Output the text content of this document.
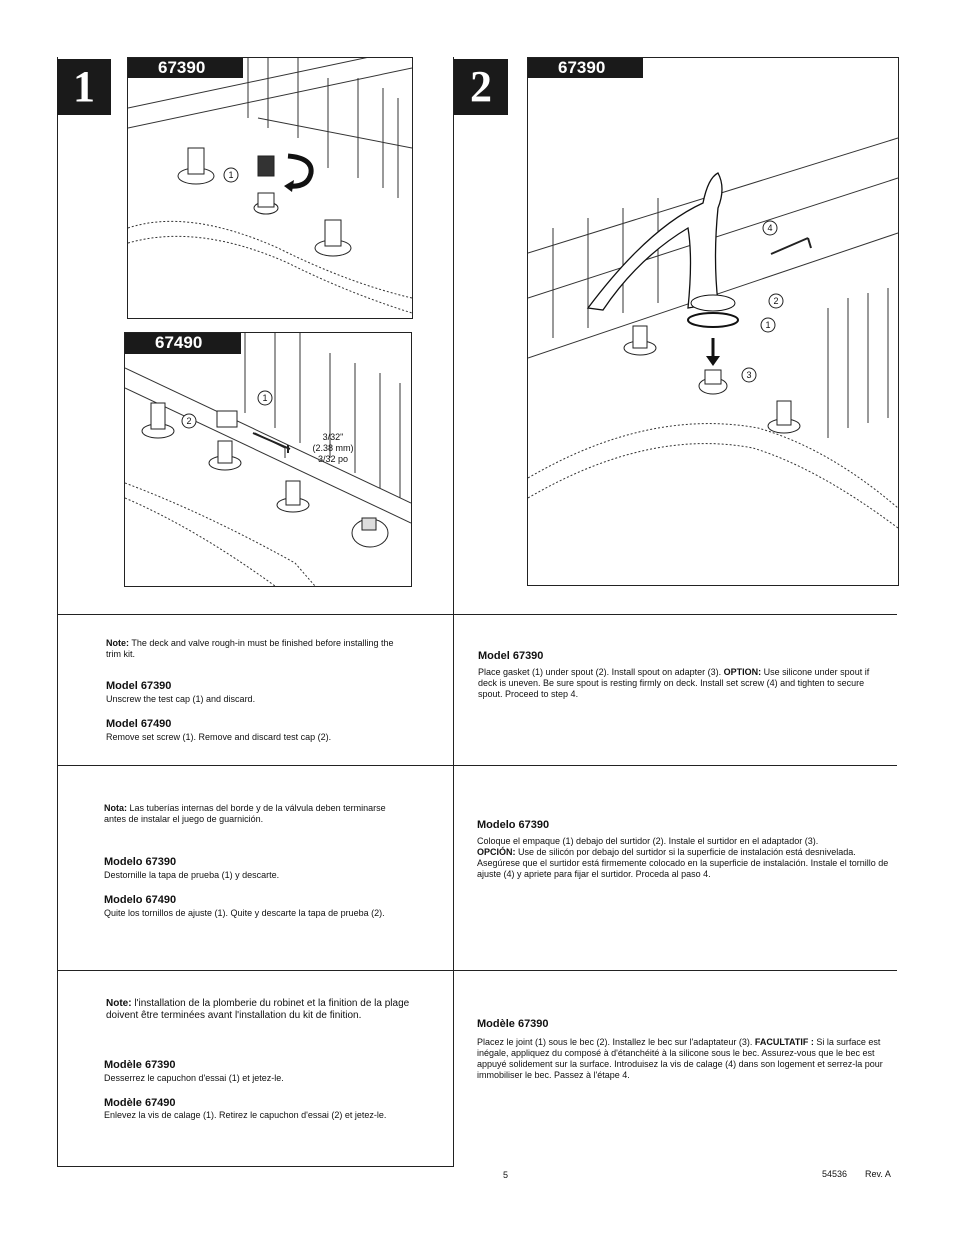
1
1
67390
1
2
3/32"
(2.38 mm)
3/32 po
67490
2
4
2
1
3
67390
Note: The deck and valve rough-in must be finished before installing the trim kit.
Model 67390
Unscrew the test cap (1) and discard.
Model 67490
Remove set screw (1). Remove and discard test cap (2).
Model 67390
Place gasket (1) under spout (2). Install spout on adapter (3). OPTION: Use silicone under spout if deck is uneven. Be sure spout is resting firmly on deck. Install set screw (4) and tighten to secure spout. Proceed to step 4.
Nota: Las tuberías internas del borde y de la válvula deben terminarse antes de instalar el juego de guarnición.
Modelo 67390
Destornille la tapa de prueba (1) y descarte.
Modelo 67490
Quite los tornillos de ajuste (1). Quite y descarte la tapa de prueba (2).
Modelo 67390
Coloque el empaque (1) debajo del surtidor (2). Instale el surtidor en el adaptador (3).
OPCIÓN: Use de silicón por debajo del surtidor si la superficie de instalación está desnivelada. Asegúrese que el surtidor está firmemente colocado en la superficie de instalación. Instale el tornillo de ajuste (4) y apriete para fijar el surtidor. Proceda al paso 4.
Note: l'installation de la plomberie du robinet et la finition de la plage doivent être terminées avant l'installation du kit de finition.
Modèle 67390
Desserrez le capuchon d'essai (1) et jetez-le.
Modèle 67490
Enlevez la vis de calage (1). Retirez le capuchon d'essai (2) et jetez-le.
Modèle 67390
Placez le joint (1) sous le bec (2). Installez le bec sur l'adaptateur (3). FACULTATIF : Si la surface est inégale, appliquez du composé à d'étanchéité à la silicone sous le bec. Assurez-vous que le bec est appuyé solidement sur la surface. Introduisez la vis de calage (4) dans son logement et serrez-la pour immobiliser le bec. Passez à l'étape 4.
5	54536 Rev. A
